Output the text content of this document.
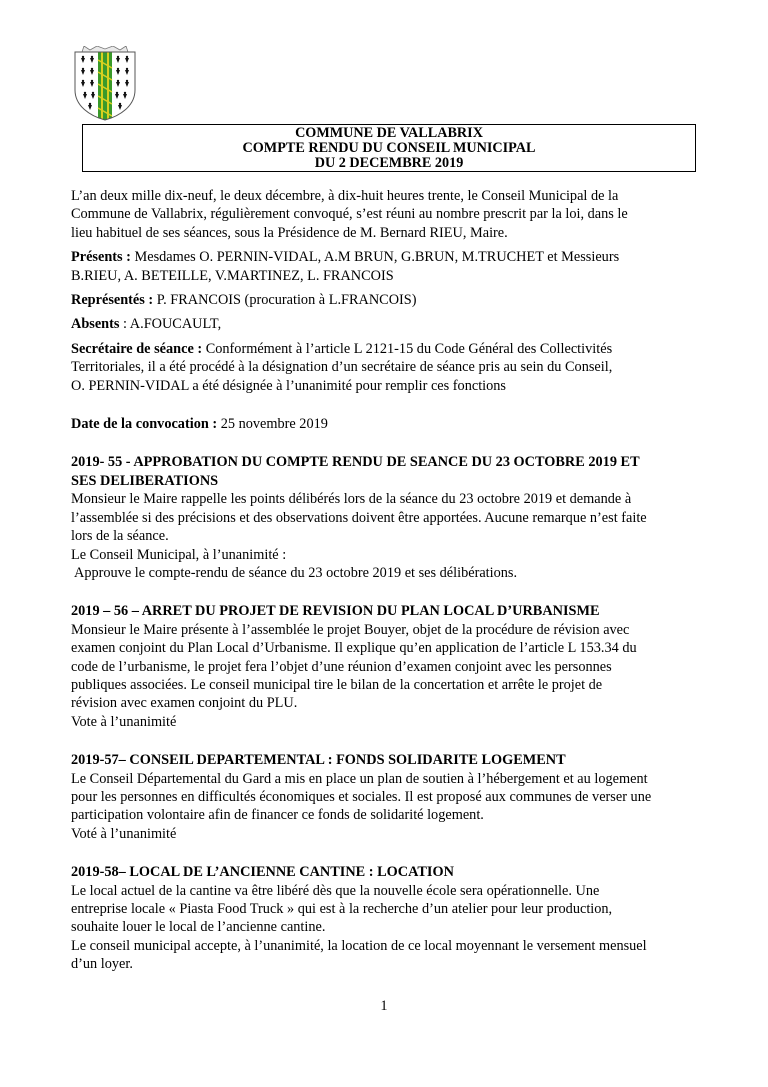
COMMUNE DE VALLABRIX
COMPTE RENDU DU CONSEIL MUNICIPAL
DU 2 DECEMBRE 2019

L’an deux mille dix-neuf, le deux décembre, à dix-huit heures trente, le Conseil Municipal de la
Commune de Vallabrix, régulièrement convoqué, s’est réuni au nombre prescrit par la loi, dans le
lieu habituel de ses séances, sous la Présidence de M. Bernard RIEU, Maire.

Présents : Mesdames O. PERNIN-VIDAL, A.M BRUN, G.BRUN, M.TRUCHET et Messieurs
B.RIEU, A. BETEILLE, V.MARTINEZ, L. FRANCOIS

Représentés : P. FRANCOIS (procuration à L.FRANCOIS)

Absents : A.FOUCAULT,

Secrétaire de séance : Conformément à l’article L 2121-15 du Code Général des Collectivités
Territoriales, il a été procédé à la désignation d’un secrétaire de séance pris au sein du Conseil,
O. PERNIN-VIDAL a été désignée à l’unanimité pour remplir ces fonctions

Date de la convocation : 25 novembre 2019

2019- 55 - APPROBATION DU COMPTE RENDU DE SEANCE DU 23 OCTOBRE 2019 ET
SES DELIBERATIONS
Monsieur le Maire rappelle les points délibérés lors de la séance du 23 octobre 2019 et demande à
l’assemblée si des précisions et des observations doivent être apportées. Aucune remarque n’est faite
lors de la séance.
Le Conseil Municipal, à l’unanimité :
Approuve le compte-rendu de séance du 23 octobre 2019 et ses délibérations.

2019 – 56 – ARRET DU PROJET DE REVISION DU PLAN LOCAL D’URBANISME
Monsieur le Maire présente à l’assemblée le projet Bouyer, objet de la procédure de révision avec
examen conjoint du Plan Local d’Urbanisme. Il explique qu’en application de l’article L 153.34 du
code de l’urbanisme, le projet fera l’objet d’une réunion d’examen conjoint avec les personnes
publiques associées. Le conseil municipal tire le bilan de la concertation et arrête le projet de
révision avec examen conjoint du PLU.
Vote à l’unanimité

2019-57– CONSEIL DEPARTEMENTAL : FONDS SOLIDARITE LOGEMENT
Le Conseil Départemental du Gard a mis en place un plan de soutien à l’hébergement et au logement
pour les personnes en difficultés économiques et sociales. Il est proposé aux communes de verser une
participation volontaire afin de financer ce fonds de solidarité logement.
Voté à l’unanimité

2019-58– LOCAL DE L’ANCIENNE CANTINE : LOCATION
Le local actuel de la cantine va être libéré dès que la nouvelle école sera opérationnelle. Une
entreprise locale « Piasta Food Truck » qui est à la recherche d’un atelier pour leur production,
souhaite louer le local de l’ancienne cantine.
Le conseil municipal accepte, à l’unanimité, la location de ce local moyennant le versement mensuel
d’un loyer.

1
